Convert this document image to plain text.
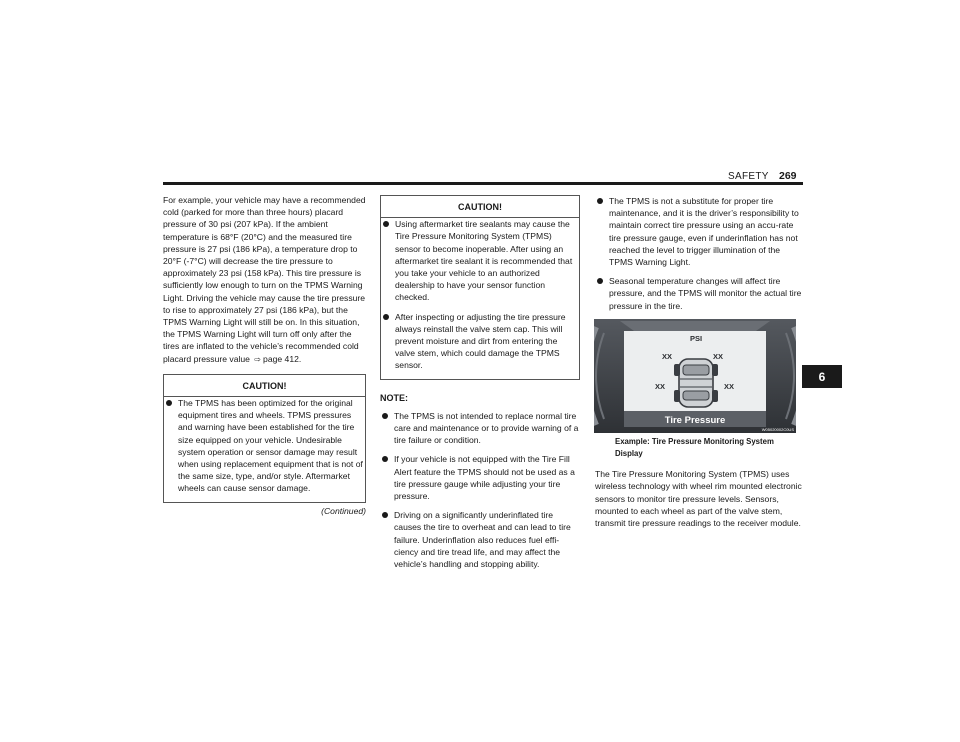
SAFETY 269
6

For example, your vehicle may have a recommended cold (parked for more than three hours) placard pressure of 30 psi (207 kPa). If the ambient temperature is 68°F (20°C) and the measured tire pressure is 27 psi (186 kPa), a temperature drop to 20°F (-7°C) will decrease the tire pressure to approximately 23 psi (158 kPa). This tire pressure is sufficiently low enough to turn on the TPMS Warning Light. Driving the vehicle may cause the tire pressure to rise to approximately 27 psi (186 kPa), but the TPMS Warning Light will still be on. In this situation, the TPMS Warning Light will turn off only after the tires are inflated to the vehicle’s recommended cold placard pressure value ⇨ page 412.

CAUTION!
The TPMS has been optimized for the original equipment tires and wheels. TPMS pressures and warning have been established for the tire size equipped on your vehicle. Undesirable system operation or sensor damage may result when using replacement equipment that is not of the same size, type, and/or style. Aftermarket wheels can cause sensor damage.
(Continued)
CAUTION!
Using aftermarket tire sealants may cause the Tire Pressure Monitoring System (TPMS) sensor to become inoperable. After using an aftermarket tire sealant it is recommended that you take your vehicle to an authorized dealership to have your sensor function checked.
After inspecting or adjusting the tire pressure always reinstall the valve stem cap. This will prevent moisture and dirt from entering the valve stem, which could damage the TPMS sensor.
NOTE:
The TPMS is not intended to replace normal tire care and maintenance or to provide warning of a tire failure or condition.
If your vehicle is not equipped with the Tire Fill Alert feature the TPMS should not be used as a tire pressure gauge while adjusting your tire pressure.
Driving on a significantly underinflated tire causes the tire to overheat and can lead to tire failure. Underinflation also reduces fuel effi-ciency and tire tread life, and may affect the vehicle’s handling and stopping ability.
The TPMS is not a substitute for proper tire maintenance, and it is the driver’s responsibility to maintain correct tire pressure using an accu-rate tire pressure gauge, even if underinflation has not reached the level to trigger illumination of the TPMS Warning Light.
Seasonal temperature changes will affect tire pressure, and the TPMS will monitor the actual tire pressure in the tire.
PSI
XX	XX
XX	XX
Tire Pressure
W05020002C0US
Example: Tire Pressure Monitoring System Display

The Tire Pressure Monitoring System (TPMS) uses wireless technology with wheel rim mounted electronic sensors to monitor tire pressure levels. Sensors, mounted to each wheel as part of the valve stem, transmit tire pressure readings to the receiver module.
